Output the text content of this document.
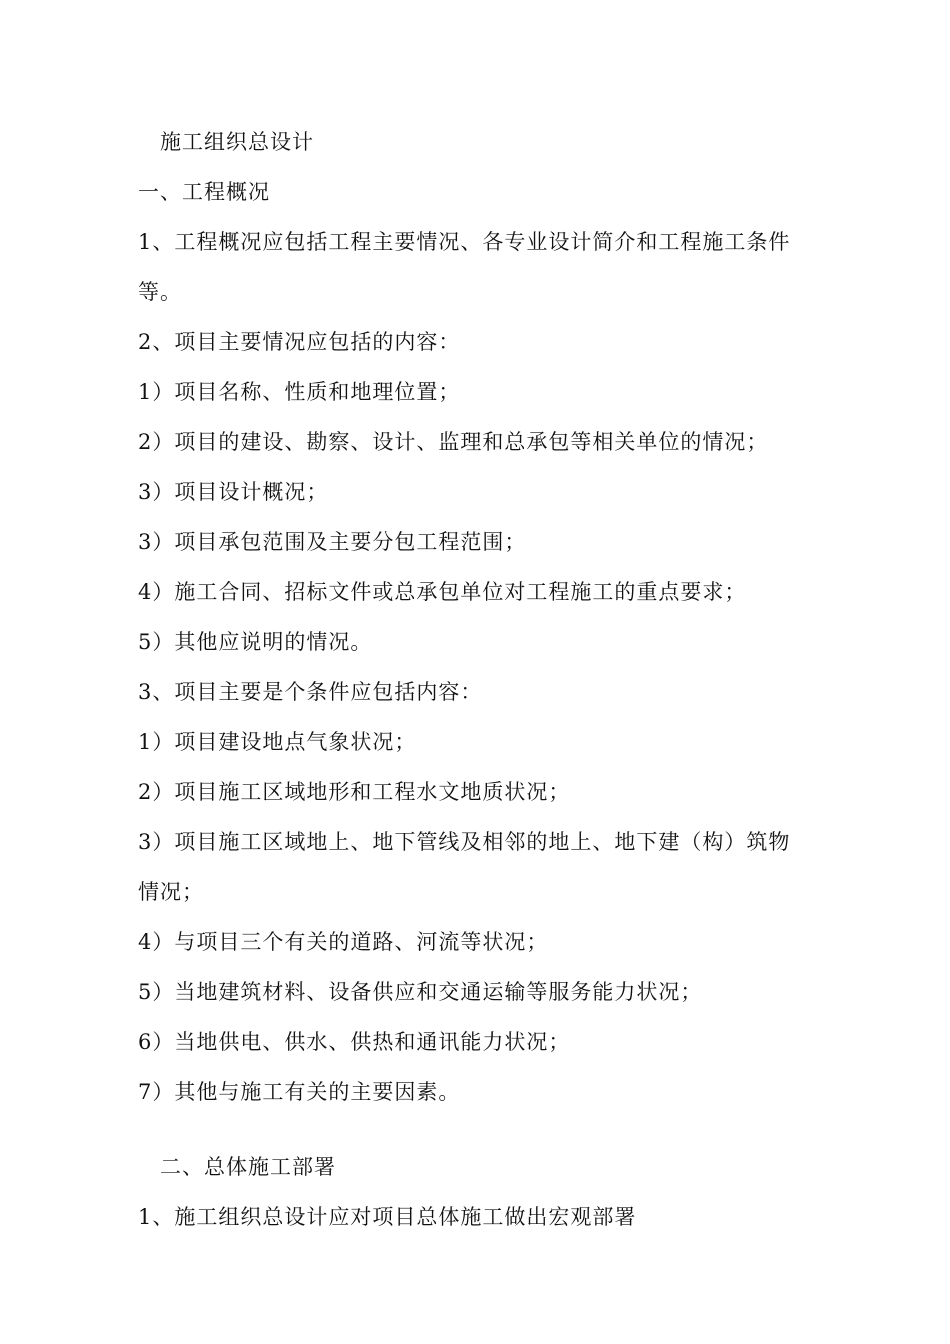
施工组织总设计
一、工程概况
1、工程概况应包括工程主要情况、各专业设计简介和工程施工条件
等。
2、项目主要情况应包括的内容：
1）项目名称、性质和地理位置；
2）项目的建设、勘察、设计、监理和总承包等相关单位的情况；
3）项目设计概况；
3）项目承包范围及主要分包工程范围；
4）施工合同、招标文件或总承包单位对工程施工的重点要求；
5）其他应说明的情况。
3、项目主要是个条件应包括内容：
1）项目建设地点气象状况；
2）项目施工区域地形和工程水文地质状况；
3）项目施工区域地上、地下管线及相邻的地上、地下建（构）筑物
情况；
4）与项目三个有关的道路、河流等状况；
5）当地建筑材料、设备供应和交通运输等服务能力状况；
6）当地供电、供水、供热和通讯能力状况；
7）其他与施工有关的主要因素。
二、总体施工部署
1、施工组织总设计应对项目总体施工做出宏观部署
